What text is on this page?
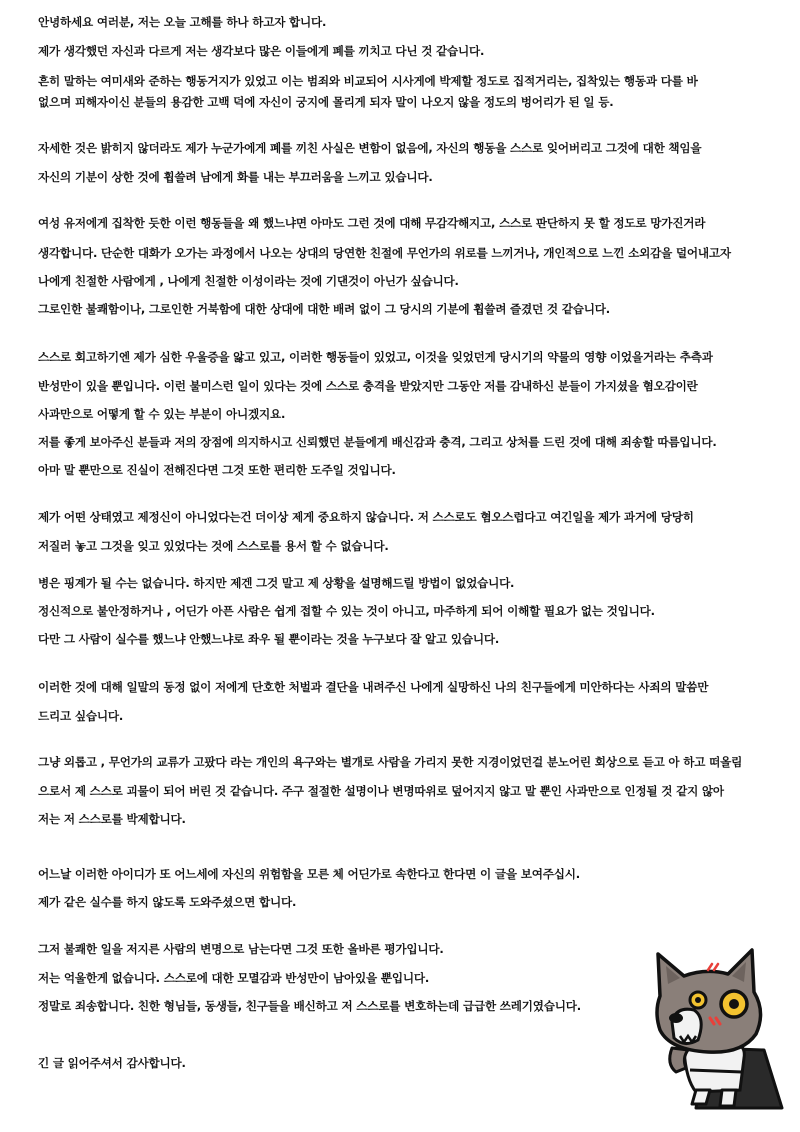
안녕하세요 여러분, 저는 오늘 고해를 하나 하고자 합니다.
제가 생각했던 자신과 다르게 저는 생각보다 많은 이들에게 폐를 끼치고 다닌 것 같습니다.
흔히 말하는 여미새와 준하는 행동거지가 있었고 이는 범죄와 비교되어 시사게에 박제할 정도로 집적거리는, 집착있는 행동과 다를 바
없으며 피해자이신 분들의 용감한 고백 덕에 자신이 궁지에 몰리게 되자 말이 나오지 않을 정도의 벙어리가 된 일 등.
자세한 것은 밝히지 않더라도 제가 누군가에게 폐를 끼친 사실은 변함이 없음에, 자신의 행동을 스스로 잊어버리고 그것에 대한 책임을
자신의 기분이 상한 것에 휩쓸려 남에게 화를 내는 부끄러움을 느끼고 있습니다.
여성 유저에게 집착한 듯한 이런 행동들을 왜 했느냐면 아마도 그런 것에 대해 무감각해지고, 스스로 판단하지 못 할 정도로 망가진거라
생각합니다. 단순한 대화가 오가는 과정에서 나오는 상대의 당연한 친절에 무언가의 위로를 느끼거나, 개인적으로 느낀 소외감을 덜어내고자
나에게 친절한 사람에게 , 나에게 친절한 이성이라는 것에 기댄것이 아닌가 싶습니다.
그로인한 불쾌함이나, 그로인한 거북함에 대한 상대에 대한 배려 없이 그 당시의 기분에 휩쓸려 즐겼던 것 같습니다.
스스로 회고하기엔 제가 심한 우울증을 앓고 있고, 이러한 행동들이 있었고, 이것을 잊었던게 당시기의 약물의 영향 이었을거라는 추측과
반성만이 있을 뿐입니다. 이런 불미스런 일이 있다는 것에 스스로 충격을 받았지만 그동안 저를 감내하신 분들이 가지셨을 혐오감이란
사과만으로 어떻게 할 수 있는 부분이 아니겠지요.
저를 좋게 보아주신 분들과 저의 장점에 의지하시고 신뢰했던 분들에게 배신감과 충격, 그리고 상처를 드린 것에 대해 죄송할 따름입니다.
아마 말 뿐만으로 진실이 전해진다면 그것 또한 편리한 도주일 것입니다.
제가 어떤 상태였고 제정신이 아니었다는건 더이상 제게 중요하지 않습니다. 저 스스로도 혐오스럽다고 여긴일을 제가 과거에 당당히
저질러 놓고 그것을 잊고 있었다는 것에 스스로를 용서 할 수 없습니다.
병은 핑계가 될 수는 없습니다. 하지만 제겐 그것 말고 제 상황을 설명해드릴 방법이 없었습니다.
정신적으로 불안정하거나 , 어딘가 아픈 사람은 쉽게 접할 수 있는 것이 아니고, 마주하게 되어 이해할 필요가 없는 것입니다.
다만 그 사람이 실수를 했느냐 안했느냐로 좌우 될 뿐이라는 것을 누구보다 잘 알고 있습니다.
이러한 것에 대해 일말의 동정 없이 저에게 단호한 처벌과 결단을 내려주신 나에게 실망하신 나의 친구들에게 미안하다는 사죄의 말씀만
드리고 싶습니다.
그냥 외롭고 , 무언가의 교류가 고팠다 라는 개인의 욕구와는 별개로 사람을 가리지 못한 지경이었던걸 분노어린 회상으로 듣고 아 하고 떠올림
으로서 제 스스로 괴물이 되어 버린 것 같습니다. 주구 절절한 설명이나 변명따위로 덮어지지 않고 말 뿐인 사과만으로 인정될 것 같지 않아
저는 저 스스로를 박제합니다.
어느날 이러한 아이디가 또 어느세에 자신의 위험함을 모른 체 어딘가로 속한다고 한다면 이 글을 보여주십시.
제가 같은 실수를 하지 않도록 도와주셨으면 합니다.
그저 불쾌한 일을 저지른 사람의 변명으로 남는다면 그것 또한 올바른 평가입니다.
저는 억울한게 없습니다. 스스로에 대한 모멸감과 반성만이 남아있을 뿐입니다.
정말로 죄송합니다. 친한 형님들, 동생들, 친구들을 배신하고 저 스스로를 변호하는데 급급한 쓰레기였습니다.
긴 글 읽어주셔서 감사합니다.
